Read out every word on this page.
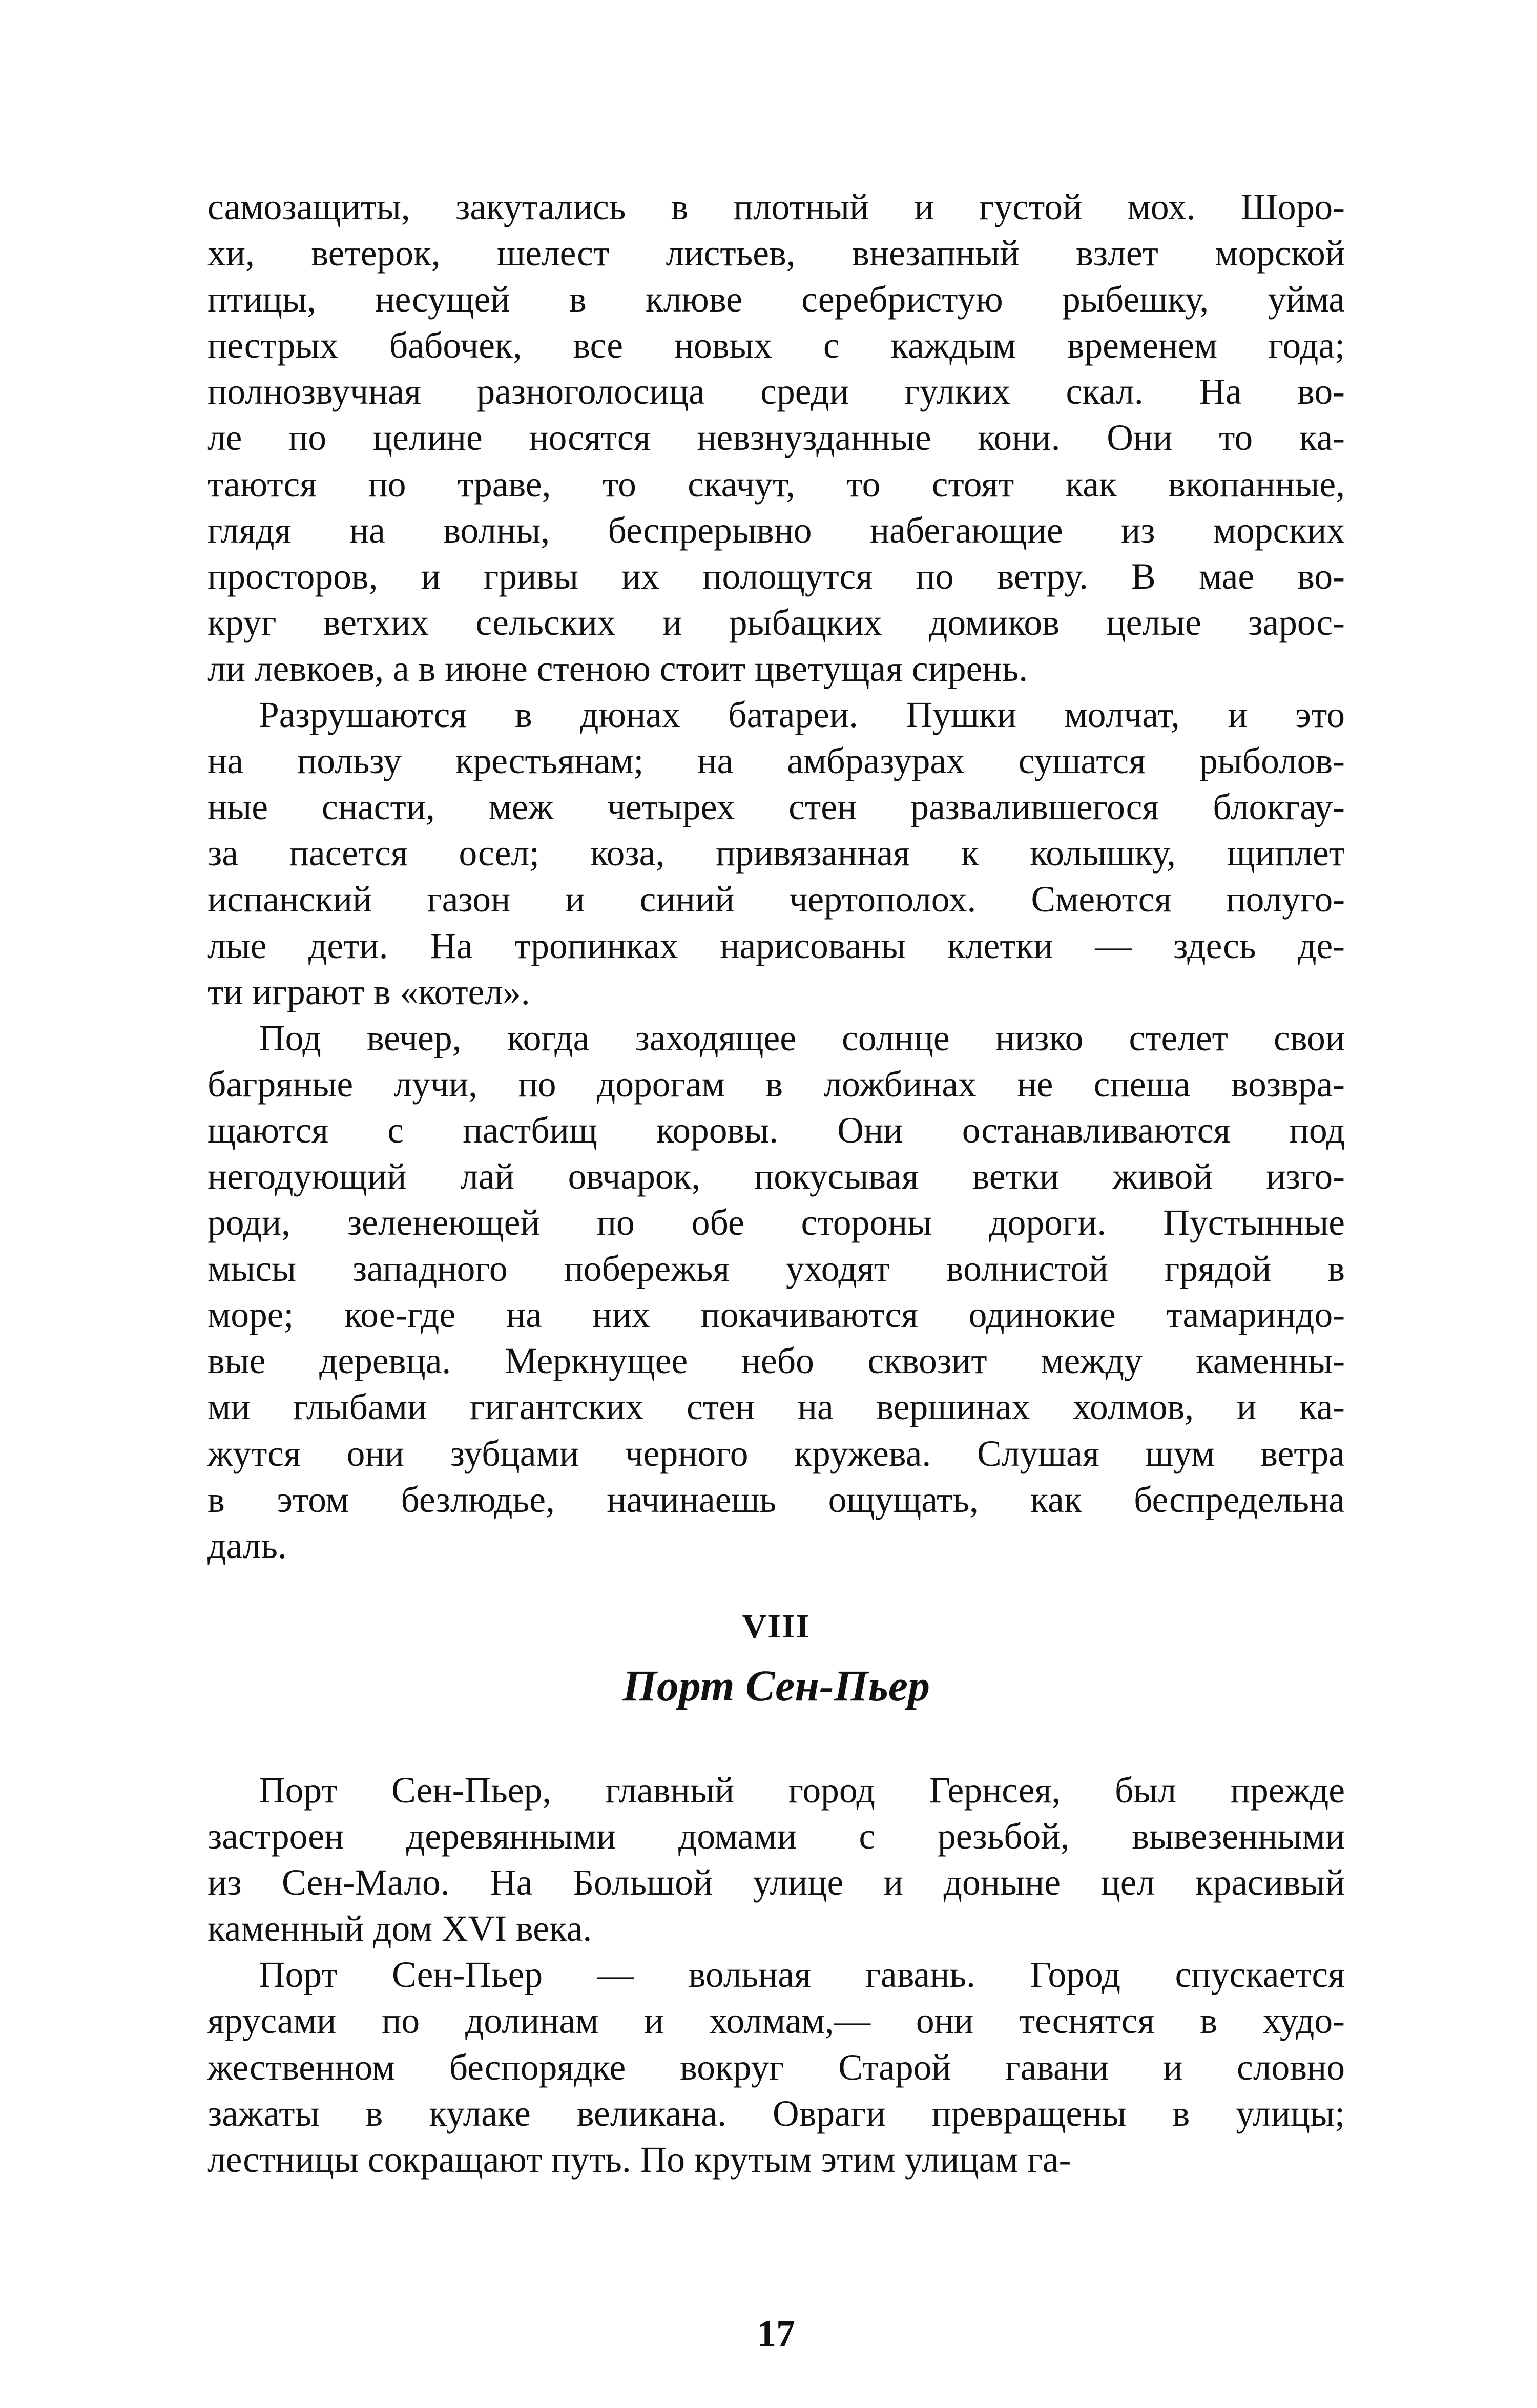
самозащиты, закутались в плотный и густой мох. Шоро-
хи, ветерок, шелест листьев, внезапный взлет морской
птицы, несущей в клюве серебристую рыбешку, уйма
пестрых бабочек, все новых с каждым временем года;
полнозвучная разноголосица среди гулких скал. На во-
ле по целине носятся невзнузданные кони. Они то ка-
таются по траве, то скачут, то стоят как вкопанные,
глядя на волны, беспрерывно набегающие из морских
просторов, и гривы их полощутся по ветру. В мае во-
круг ветхих сельских и рыбацких домиков целые зарос-
ли левкоев, а в июне стеною стоит цветущая сирень.
Разрушаются в дюнах батареи. Пушки молчат, и это
на пользу крестьянам; на амбразурах сушатся рыболов-
ные снасти, меж четырех стен развалившегося блокгау-
за пасется осел; коза, привязанная к колышку, щиплет
испанский газон и синий чертополох. Смеются полуго-
лые дети. На тропинках нарисованы клетки — здесь де-
ти играют в «котел».
Под вечер, когда заходящее солнце низко стелет свои
багряные лучи, по дорогам в ложбинах не спеша возвра-
щаются с пастбищ коровы. Они останавливаются под
негодующий лай овчарок, покусывая ветки живой изго-
роди, зеленеющей по обе стороны дороги. Пустынные
мысы западного побережья уходят волнистой грядой в
море; кое-где на них покачиваются одинокие тамариндо-
вые деревца. Меркнущее небо сквозит между каменны-
ми глыбами гигантских стен на вершинах холмов, и ка-
жутся они зубцами черного кружева. Слушая шум ветра
в этом безлюдье, начинаешь ощущать, как беспредельна
даль.
VIII
Порт Сен-Пьер
Порт Сен-Пьер, главный город Гернсея, был прежде
застроен деревянными домами с резьбой, вывезенными
из Сен-Мало. На Большой улице и доныне цел красивый
каменный дом XVI века.
Порт Сен-Пьер — вольная гавань. Город спускается
ярусами по долинам и холмам,— они теснятся в худо-
жественном беспорядке вокруг Старой гавани и словно
зажаты в кулаке великана. Овраги превращены в улицы;
лестницы сокращают путь. По крутым этим улицам га-
17
